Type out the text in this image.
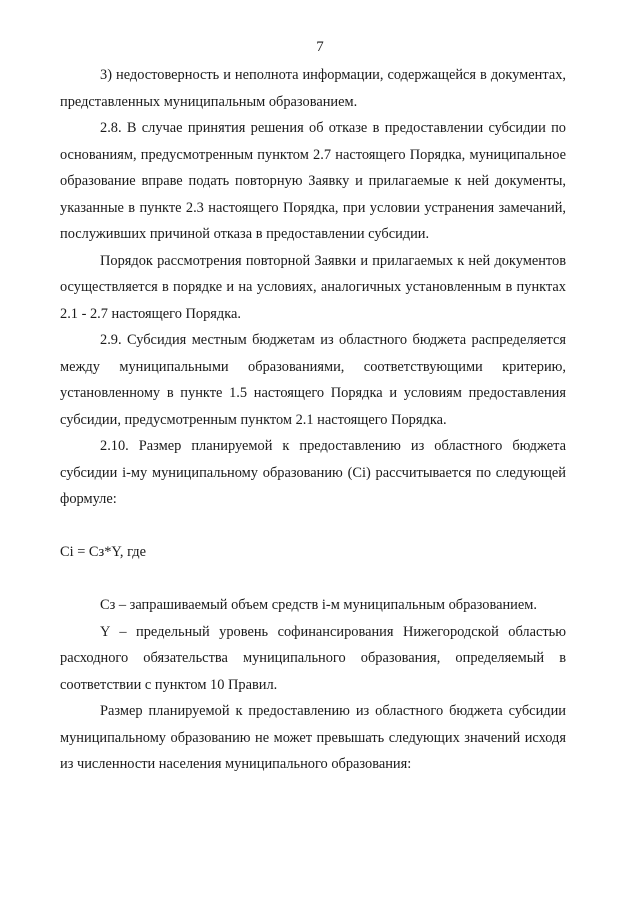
7

3) недостоверность и неполнота информации, содержащейся в документах, представленных муниципальным образованием.

2.8. В случае принятия решения об отказе в предоставлении субсидии по основаниям, предусмотренным пунктом 2.7 настоящего Порядка, муниципальное образование вправе подать повторную Заявку и прилагаемые к ней документы, указанные в пункте 2.3 настоящего Порядка, при условии устранения замечаний, послуживших причиной отказа в предоставлении субсидии.

Порядок рассмотрения повторной Заявки и прилагаемых к ней документов осуществляется в порядке и на условиях, аналогичных установленным в пунктах 2.1 - 2.7 настоящего Порядка.

2.9. Субсидия местным бюджетам из областного бюджета распределяется между муниципальными образованиями, соответствующими критерию, установленному в пункте 1.5 настоящего Порядка и условиям предоставления субсидии, предусмотренным пунктом 2.1 настоящего Порядка.

2.10. Размер планируемой к предоставлению из областного бюджета субсидии i-му муниципальному образованию (Ci) рассчитывается по следующей формуле:

Ci = Сз*Y, где

Сз – запрашиваемый объем средств i-м муниципальным образованием.

Y – предельный уровень софинансирования Нижегородской областью расходного обязательства муниципального образования, определяемый в соответствии с пунктом 10 Правил.

Размер планируемой к предоставлению из областного бюджета субсидии муниципальному образованию не может превышать следующих значений исходя из численности населения муниципального образования:
